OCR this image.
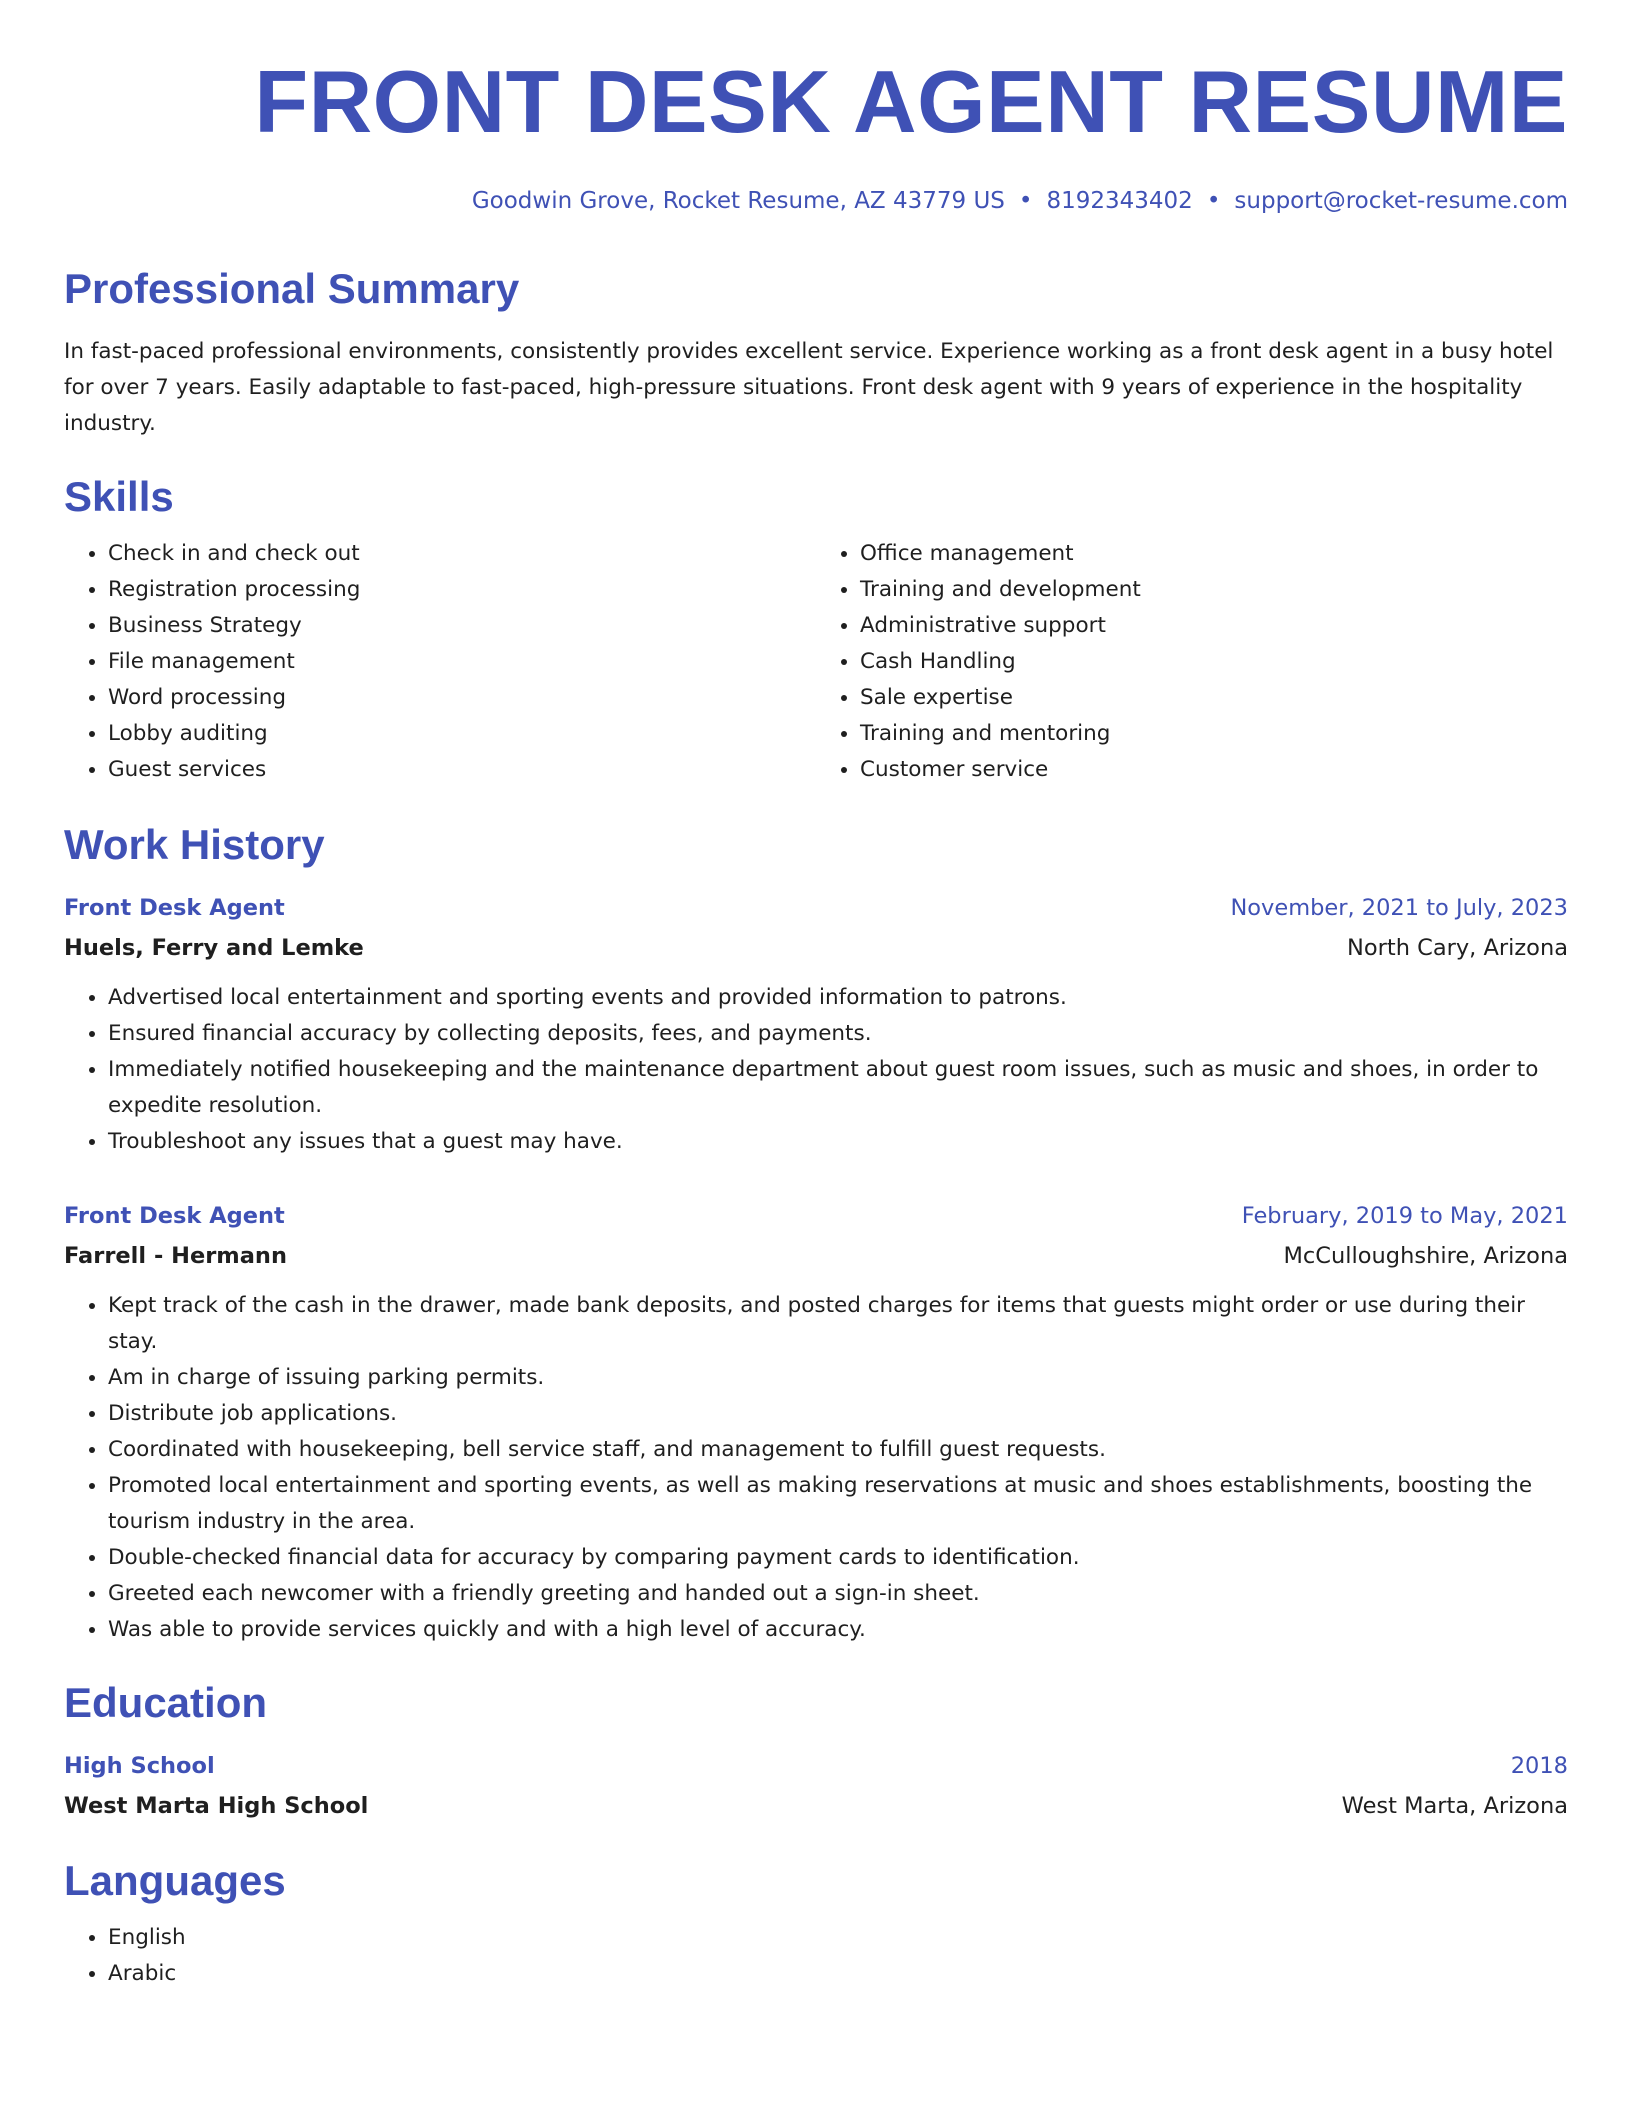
FRONT DESK AGENT RESUME
Goodwin Grove, Rocket Resume, AZ 43779 US • 8192343402 • support@rocket-resume.com
Professional Summary
In fast-paced professional environments, consistently provides excellent service. Experience working as a front desk agent in a busy hotel for over 7 years. Easily adaptable to fast-paced, high-pressure situations. Front desk agent with 9 years of experience in the hospitality industry.
Skills
• Check in and check out
• Registration processing
• Business Strategy
• File management
• Word processing
• Lobby auditing
• Guest services
• Office management
• Training and development
• Administrative support
• Cash Handling
• Sale expertise
• Training and mentoring
• Customer service
Work History
Front Desk Agent	November, 2021 to July, 2023
Huels, Ferry and Lemke	North Cary, Arizona
• Advertised local entertainment and sporting events and provided information to patrons.
• Ensured financial accuracy by collecting deposits, fees, and payments.
• Immediately notified housekeeping and the maintenance department about guest room issues, such as music and shoes, in order to expedite resolution.
• Troubleshoot any issues that a guest may have.
Front Desk Agent	February, 2019 to May, 2021
Farrell - Hermann	McCulloughshire, Arizona
• Kept track of the cash in the drawer, made bank deposits, and posted charges for items that guests might order or use during their stay.
• Am in charge of issuing parking permits.
• Distribute job applications.
• Coordinated with housekeeping, bell service staff, and management to fulfill guest requests.
• Promoted local entertainment and sporting events, as well as making reservations at music and shoes establishments, boosting the tourism industry in the area.
• Double-checked financial data for accuracy by comparing payment cards to identification.
• Greeted each newcomer with a friendly greeting and handed out a sign-in sheet.
• Was able to provide services quickly and with a high level of accuracy.
Education
High School	2018
West Marta High School	West Marta, Arizona
Languages
• English
• Arabic
